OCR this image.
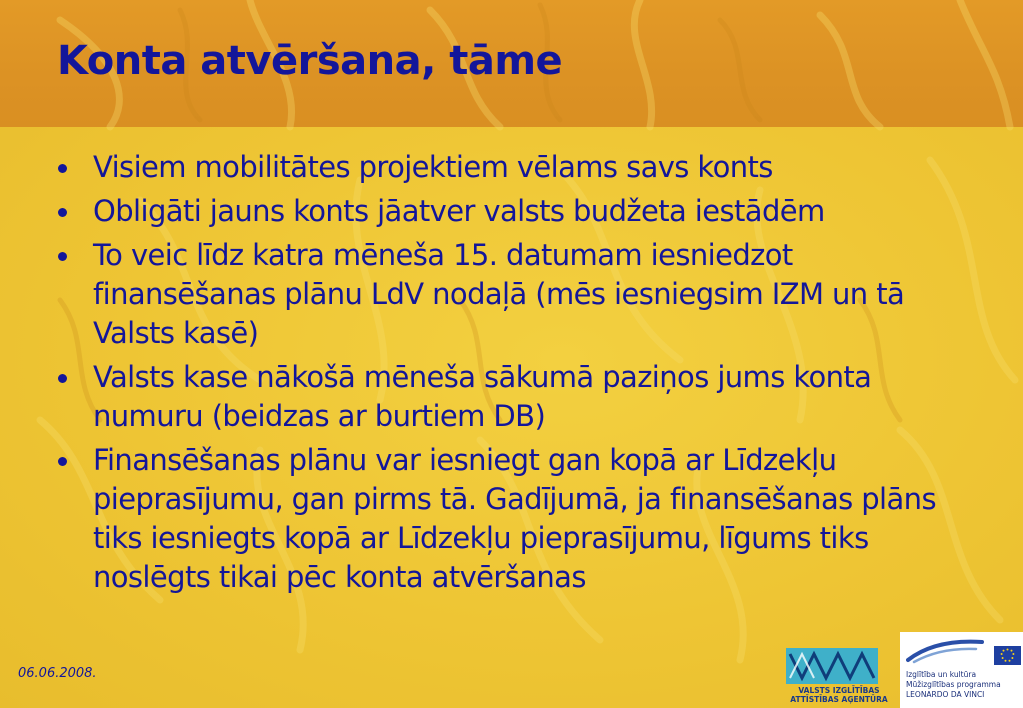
Konta atvēršana, tāme
Visiem mobilitātes projektiem vēlams savs konts
Obligāti jauns konts jāatver valsts budžeta iestādēm
To veic līdz katra mēneša 15. datumam iesniedzot finansēšanas plānu LdV nodaļā (mēs iesniegsim IZM un tā Valsts kasē)
Valsts kase nākošā mēneša sākumā paziņos jums konta numuru (beidzas ar burtiem DB)
Finansēšanas plānu var iesniegt gan kopā ar Līdzekļu pieprasījumu, gan pirms tā. Gadījumā, ja finansēšanas plāns tiks iesniegts kopā ar Līdzekļu pieprasījumu, līgums tiks noslēgts tikai pēc konta atvēršanas
06.06.2008.
VALSTS IZGLĪTĪBAS
ATTĪSTĪBAS AĢENTŪRA
Izglītība un kultūra
Mūžizglītības programma
LEONARDO DA VINCI
